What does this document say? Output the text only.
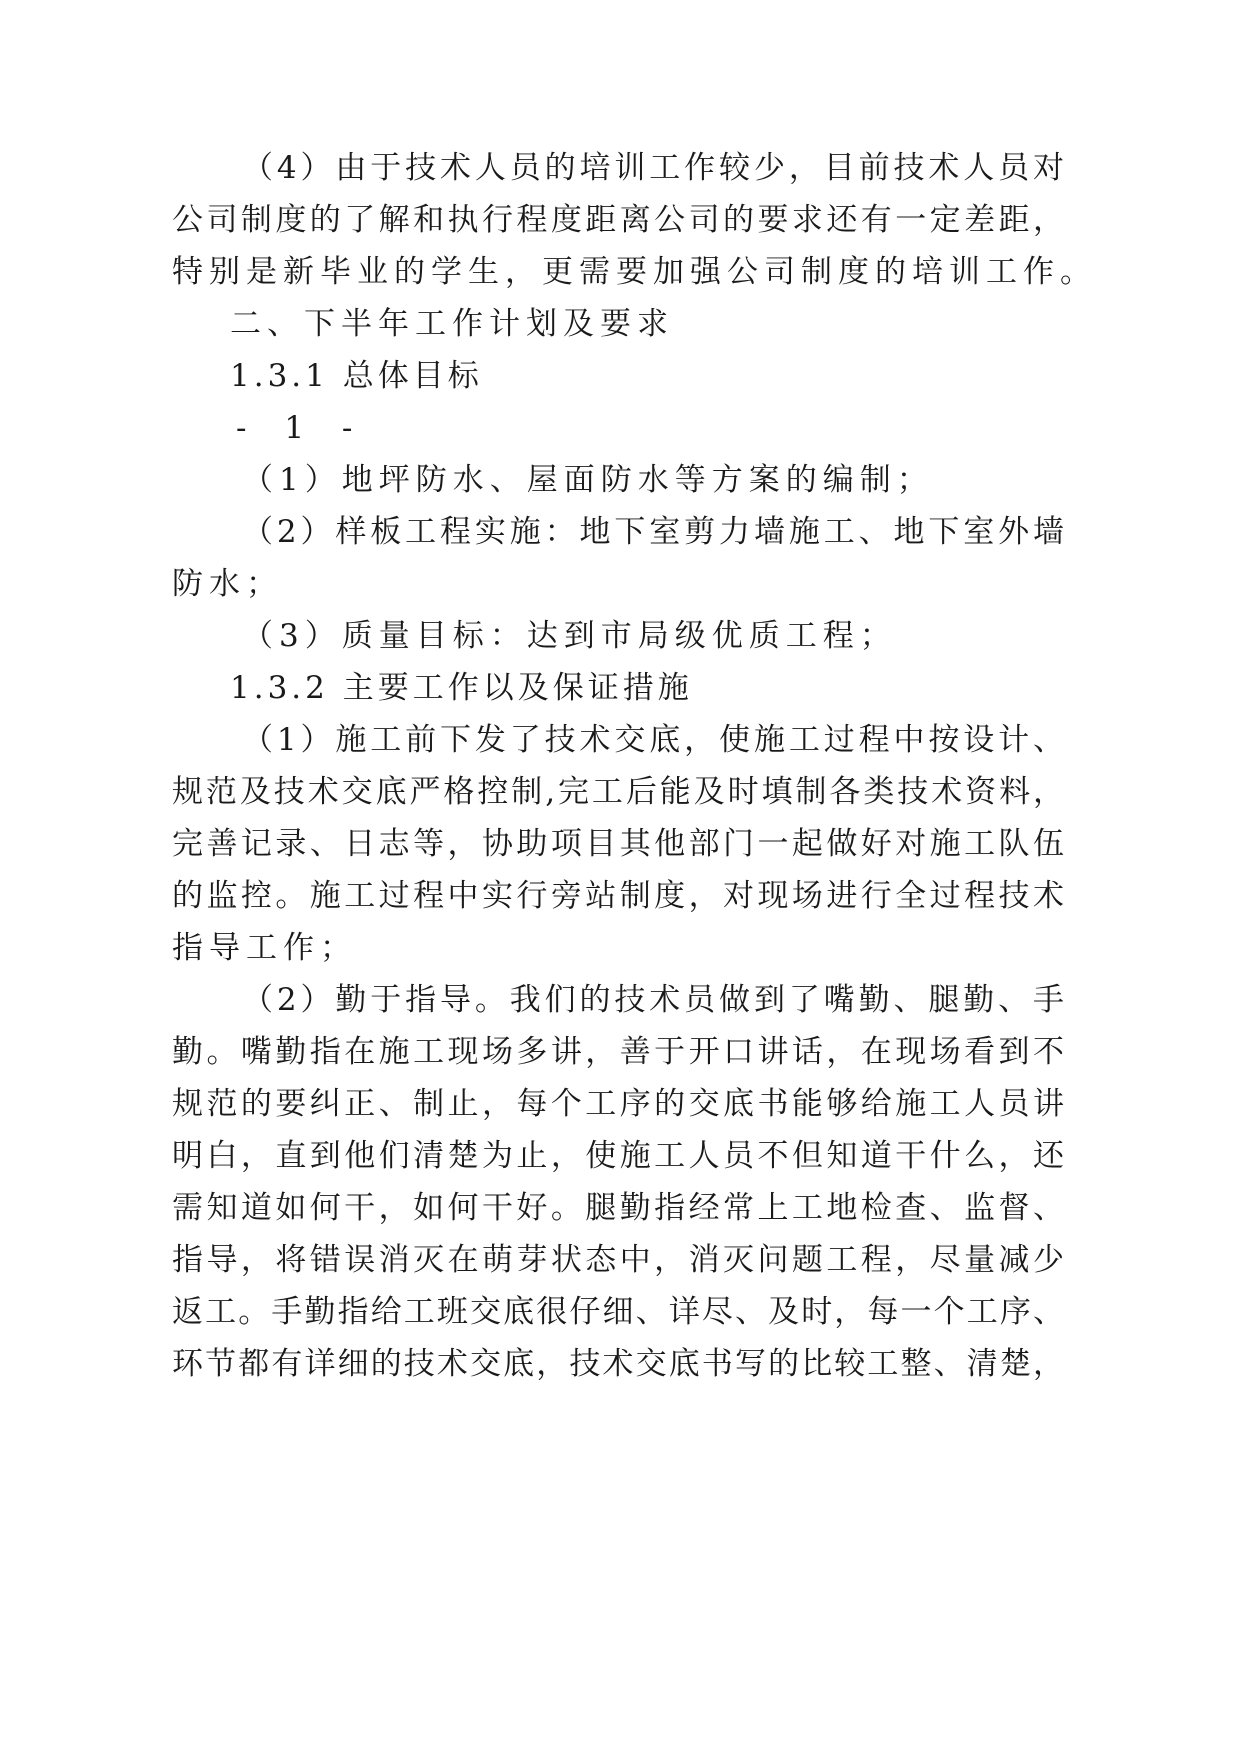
（4）由于技术人员的培训工作较少，目前技术人员对
公司制度的了解和执行程度距离公司的要求还有一定差距，
特别是新毕业的学生，更需要加强公司制度的培训工作。
二、下半年工作计划及要求
1.3.1 总体目标
- 1 -
（1）地坪防水、屋面防水等方案的编制；
（2）样板工程实施：地下室剪力墙施工、地下室外墙
防水；
（3）质量目标：达到市局级优质工程；
1.3.2 主要工作以及保证措施
（1）施工前下发了技术交底，使施工过程中按设计、
规范及技术交底严格控制,完工后能及时填制各类技术资料，
完善记录、日志等，协助项目其他部门一起做好对施工队伍
的监控。施工过程中实行旁站制度，对现场进行全过程技术
指导工作；
（2）勤于指导。我们的技术员做到了嘴勤、腿勤、手
勤。嘴勤指在施工现场多讲，善于开口讲话，在现场看到不
规范的要纠正、制止，每个工序的交底书能够给施工人员讲
明白，直到他们清楚为止，使施工人员不但知道干什么，还
需知道如何干，如何干好。腿勤指经常上工地检查、监督、
指导，将错误消灭在萌芽状态中，消灭问题工程，尽量减少
返工。手勤指给工班交底很仔细、详尽、及时，每一个工序、
环节都有详细的技术交底，技术交底书写的比较工整、清楚，
